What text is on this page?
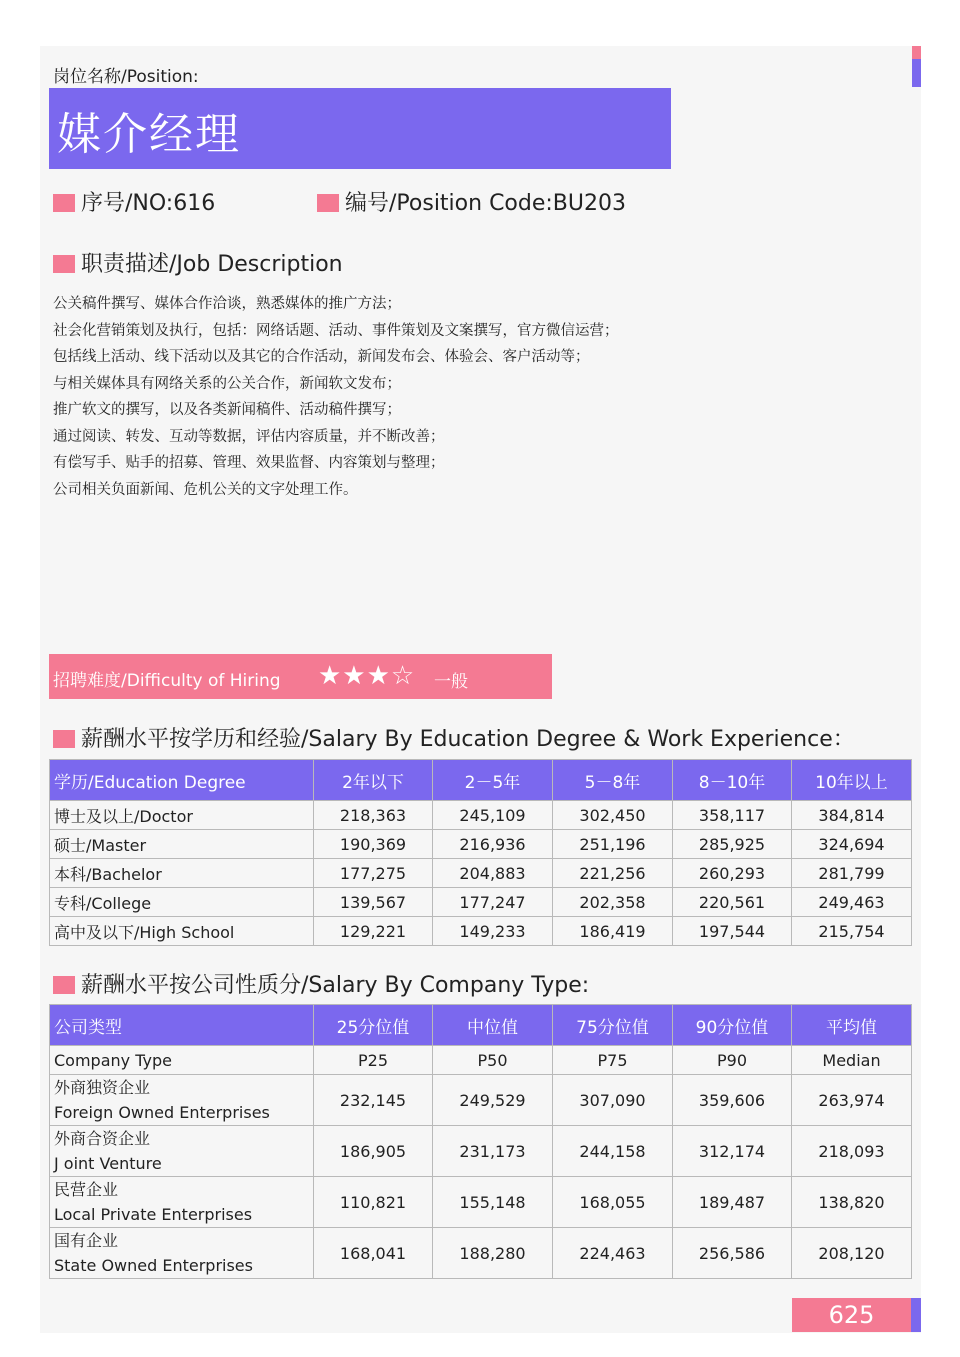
岗位名称/Position:
媒介经理
序号/NO:616	编号/Position Code:BU203
职责描述/Job Description
公关稿件撰写、媒体合作洽谈，熟悉媒体的推广方法；
社会化营销策划及执行，包括：网络话题、活动、事件策划及文案撰写，官方微信运营；
包括线上活动、线下活动以及其它的合作活动，新闻发布会、体验会、客户活动等；
与相关媒体具有网络关系的公关合作，新闻软文发布；
推广软文的撰写，以及各类新闻稿件、活动稿件撰写；
通过阅读、转发、互动等数据，评估内容质量，并不断改善；
有偿写手、贴手的招募、管理、效果监督、内容策划与整理；
公司相关负面新闻、危机公关的文字处理工作。
招聘难度/Difficulty of Hiring ★★★☆ 一般
薪酬水平按学历和经验/Salary By Education Degree & Work Experience：
学历/Education Degree	2年以下	2－5年	5－8年	8－10年	10年以上
博士及以上/Doctor	218,363	245,109	302,450	358,117	384,814
硕士/Master	190,369	216,936	251,196	285,925	324,694
本科/Bachelor	177,275	204,883	221,256	260,293	281,799
专科/College	139,567	177,247	202,358	220,561	249,463
高中及以下/High School	129,221	149,233	186,419	197,544	215,754
薪酬水平按公司性质分/Salary By Company Type:
公司类型	25分位值	中位值	75分位值	90分位值	平均值
Company Type	P25	P50	P75	P90	Median

外商独资企业
Foreign Owned Enterprises	232,145	249,529	307,090	359,606	263,974

外商合资企业
J oint Venture	186,905	231,173	244,158	312,174	218,093

民营企业
Local Private Enterprises	110,821	155,148	168,055	189,487	138,820

国有企业
State Owned Enterprises	168,041	188,280	224,463	256,586	208,120
625
